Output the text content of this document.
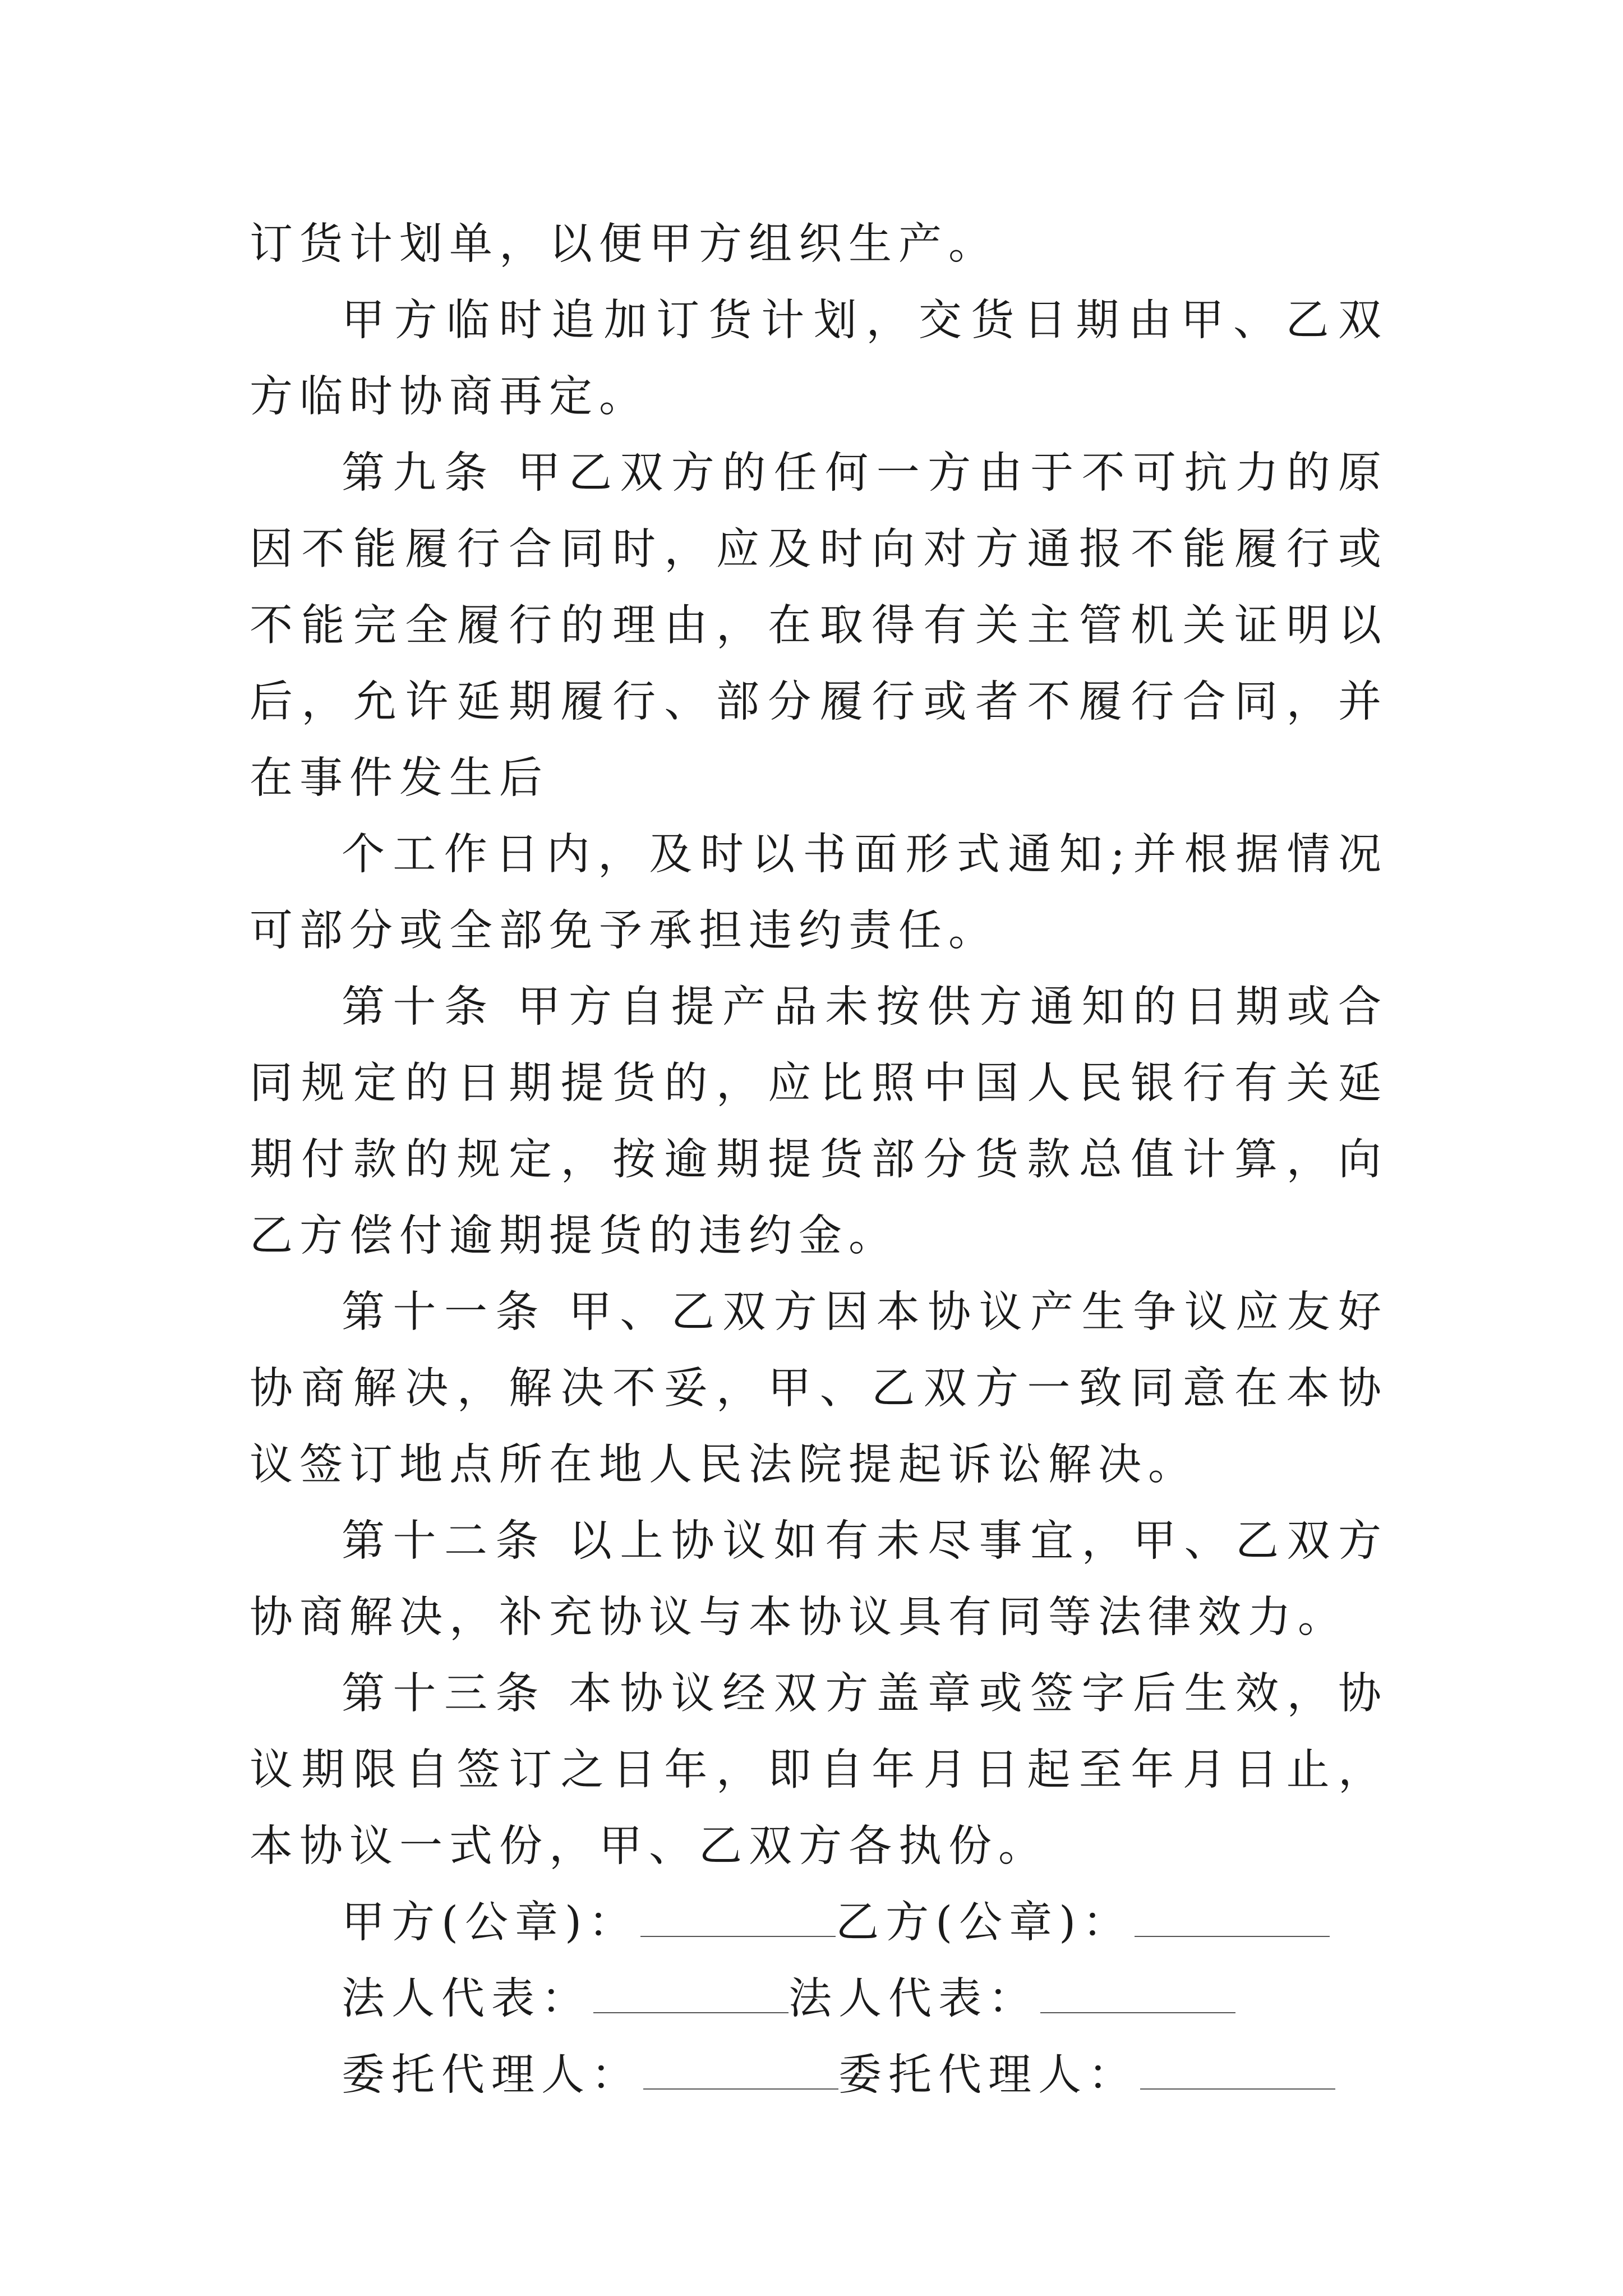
订货计划单，以便甲方组织生产。

甲方临时追加订货计划，交货日期由甲、乙双方临时协商再定。

第九条 甲乙双方的任何一方由于不可抗力的原因不能履行合同时，应及时向对方通报不能履行或不能完全履行的理由，在取得有关主管机关证明以后，允许延期履行、部分履行或者不履行合同，并在事件发生后

个工作日内，及时以书面形式通知;并根据情况可部分或全部免予承担违约责任。

第十条 甲方自提产品未按供方通知的日期或合同规定的日期提货的，应比照中国人民银行有关延期付款的规定，按逾期提货部分货款总值计算，向乙方偿付逾期提货的违约金。

第十一条 甲、乙双方因本协议产生争议应友好协商解决，解决不妥，甲、乙双方一致同意在本协议签订地点所在地人民法院提起诉讼解决。

第十二条 以上协议如有未尽事宜，甲、乙双方协商解决，补充协议与本协议具有同等法律效力。

第十三条 本协议经双方盖章或签字后生效，协议期限自签订之日年，即自年月日起至年月日止，本协议一式份，甲、乙双方各执份。

甲方(公章)：	乙方(公章)：
法人代表：	法人代表：
委托代理人：	委托代理人：
